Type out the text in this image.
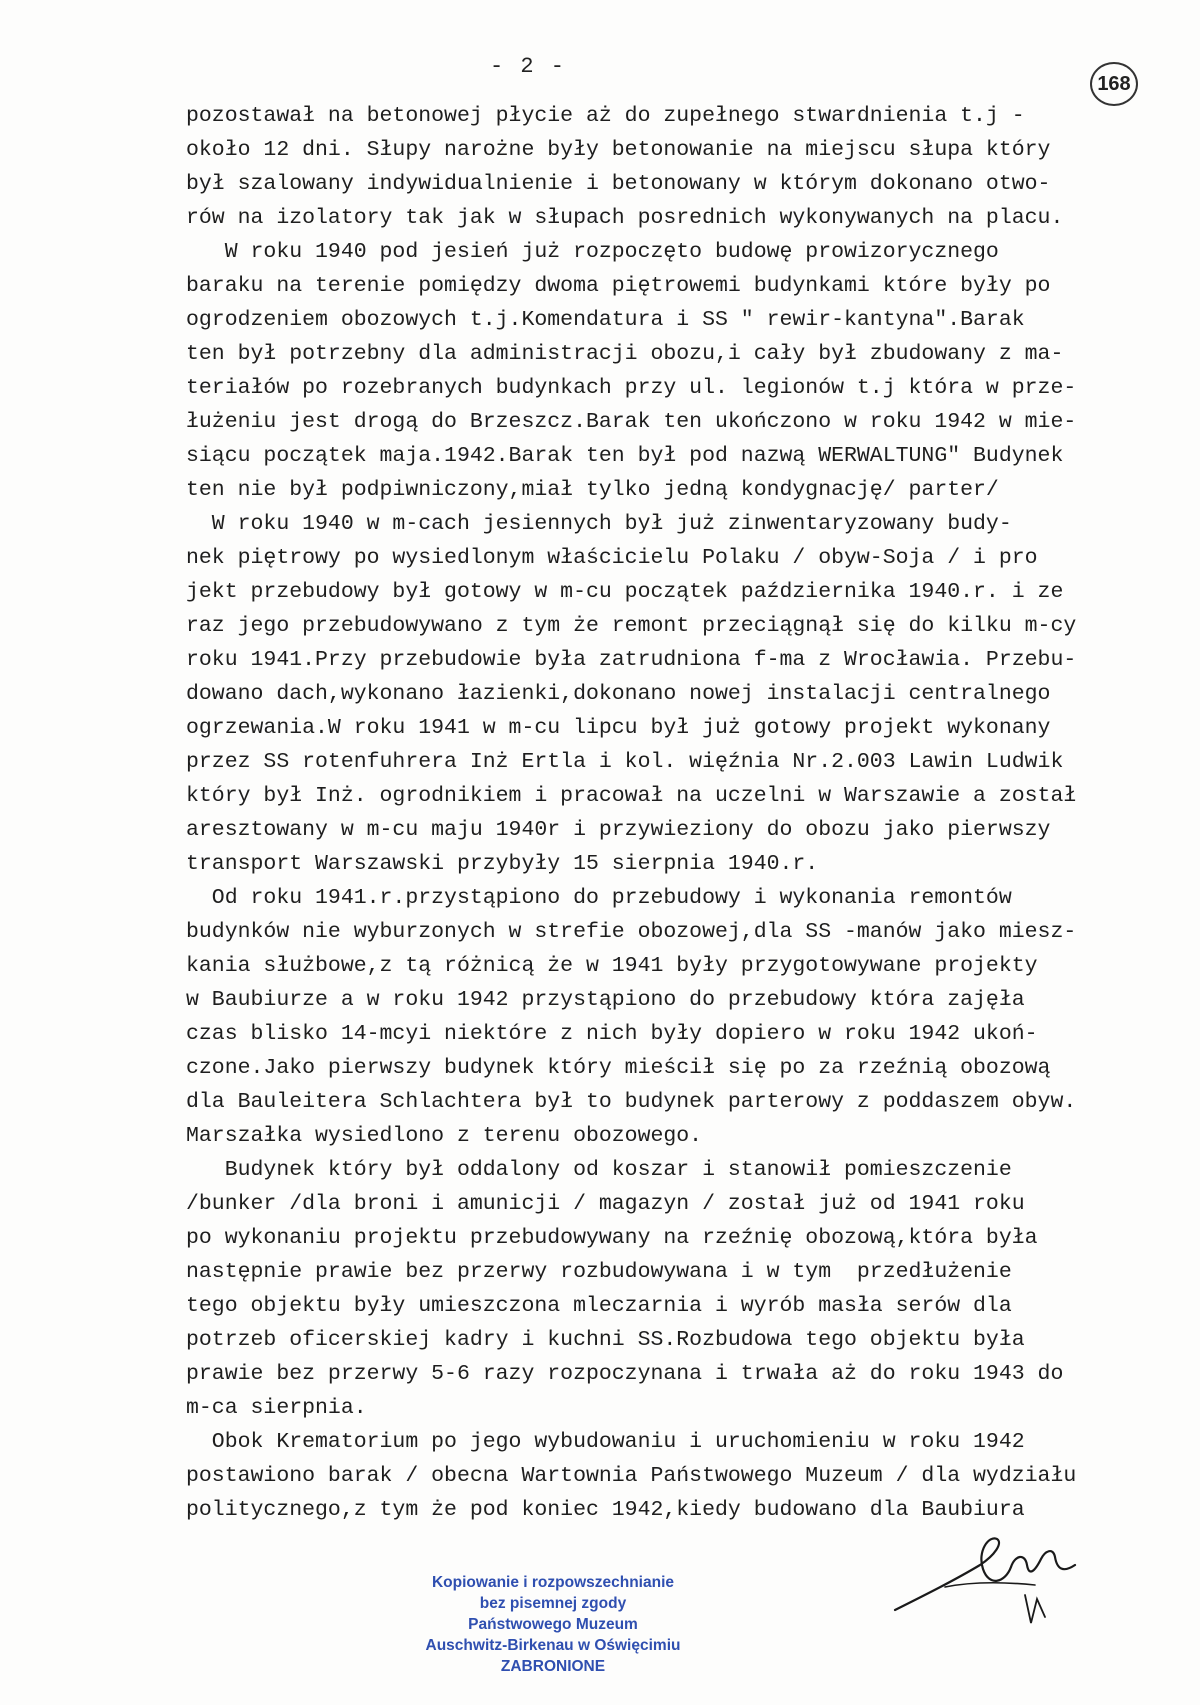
- 2 -
168
pozostawał na betonowej płycie aż do zupełnego stwardnienia t.j -
około 12 dni. Słupy narożne były betonowanie na miejscu słupa który
był szalowany indywidualnienie i betonowany w którym dokonano otwo-
rów na izolatory tak jak w słupach posrednich wykonywanych na placu.
W roku 1940 pod jesień już rozpoczęto budowę prowizorycznego
baraku na terenie pomiędzy dwoma piętrowemi budynkami które były po
ogrodzeniem obozowych t.j.Komendatura i SS " rewir-kantyna".Barak
ten był potrzebny dla administracji obozu,i cały był zbudowany z ma-
teriałów po rozebranych budynkach przy ul. legionów t.j która w prze-
łużeniu jest drogą do Brzeszcz.Barak ten ukończono w roku 1942 w mie-
siącu początek maja.1942.Barak ten był pod nazwą WERWALTUNG" Budynek
ten nie był podpiwniczony,miał tylko jedną kondygnację/ parter/
W roku 1940 w m-cach jesiennych był już zinwentaryzowany budy-
nek piętrowy po wysiedlonym właścicielu Polaku / obyw-Soja / i pro
jekt przebudowy był gotowy w m-cu początek października 1940.r. i ze
raz jego przebudowywano z tym że remont przeciągnął się do kilku m-cy
roku 1941.Przy przebudowie była zatrudniona f-ma z Wrocławia. Przebu-
dowano dach,wykonano łazienki,dokonano nowej instalacji centralnego
ogrzewania.W roku 1941 w m-cu lipcu był już gotowy projekt wykonany
przez SS rotenfuhrera Inż Ertla i kol. więźnia Nr.2.003 Lawin Ludwik
który był Inż. ogrodnikiem i pracował na uczelni w Warszawie a został
aresztowany w m-cu maju 1940r i przywieziony do obozu jako pierwszy
transport Warszawski przybyły 15 sierpnia 1940.r.
Od roku 1941.r.przystąpiono do przebudowy i wykonania remontów
budynków nie wyburzonych w strefie obozowej,dla SS -manów jako miesz-
kania służbowe,z tą różnicą że w 1941 były przygotowywane projekty
w Baubiurze a w roku 1942 przystąpiono do przebudowy która zajęła
czas blisko 14-mcyi niektóre z nich były dopiero w roku 1942 ukoń-
czone.Jako pierwszy budynek który mieścił się po za rzeźnią obozową
dla Bauleitera Schlachtera był to budynek parterowy z poddaszem obyw.
Marszałka wysiedlono z terenu obozowego.
Budynek który był oddalony od koszar i stanowił pomieszczenie
/bunker /dla broni i amunicji / magazyn / został już od 1941 roku
po wykonaniu projektu przebudowywany na rzeźnię obozową,która była
następnie prawie bez przerwy rozbudowywana i w tym  przedłużenie
tego objektu były umieszczona mleczarnia i wyrób masła serów dla
potrzeb oficerskiej kadry i kuchni SS.Rozbudowa tego objektu była
prawie bez przerwy 5-6 razy rozpoczynana i trwała aż do roku 1943 do
m-ca sierpnia.
Obok Krematorium po jego wybudowaniu i uruchomieniu w roku 1942
postawiono barak / obecna Wartownia Państwowego Muzeum / dla wydziału
politycznego,z tym że pod koniec 1942,kiedy budowano dla Baubiura
Kopiowanie i rozpowszechnianie
bez pisemnej zgody
Państwowego Muzeum
Auschwitz-Birkenau w Oświęcimiu
ZABRONIONE
